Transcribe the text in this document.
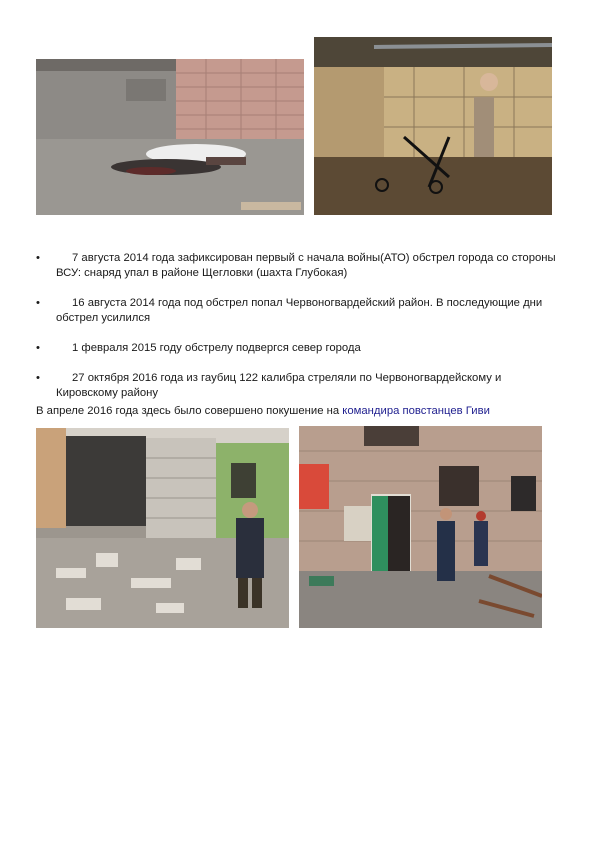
•	7 августа 2014 года зафиксирован первый с начала войны(АТО) обстрел города со стороны ВСУ: снаряд упал в районе Щегловки (шахта Глубокая)
•	16 августа 2014 года под обстрел попал Червоногвардейский район. В последующие дни обстрел усилился
•	1 февраля 2015 году обстрелу подвергся север города
•	27 октября 2016 года из гаубиц 122 калибра стреляли по Червоногвардейскому и Кировскому району

В апреле 2016 года здесь было совершено покушение на командира повстанцев Гиви
